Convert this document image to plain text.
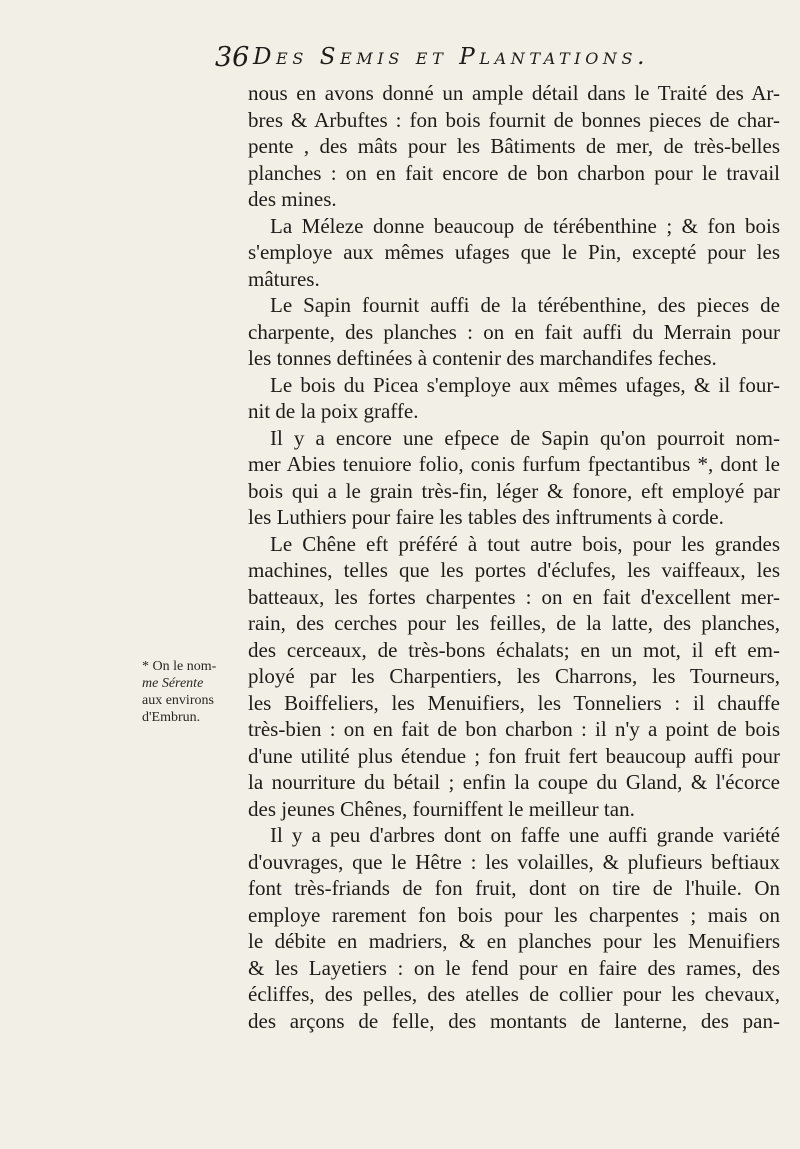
36 Des Semis et Plantations.
* On le nom-
me Sérente
aux environs
d'Embrun.
nous en avons donné un ample détail dans le Traité des Ar-
bres & Arbuftes : fon bois fournit de bonnes pieces de char-
pente , des mâts pour les Bâtiments de mer, de très-belles
planches : on en fait encore de bon charbon pour le travail
des mines.
La Méleze donne beaucoup de térébenthine ; & fon bois
s'employe aux mêmes ufages que le Pin, excepté pour les
mâtures.
Le Sapin fournit auffi de la térébenthine, des pieces de
charpente, des planches : on en fait auffi du Merrain pour
les tonnes deftinées à contenir des marchandifes feches.
Le bois du Picea s'employe aux mêmes ufages, & il four-
nit de la poix graffe.
Il y a encore une efpece de Sapin qu'on pourroit nom-
mer Abies tenuiore folio, conis furfum fpectantibus *, dont le
bois qui a le grain très-fin, léger & fonore, eft employé par
les Luthiers pour faire les tables des inftruments à corde.
Le Chêne eft préféré à tout autre bois, pour les grandes
machines, telles que les portes d'éclufes, les vaiffeaux, les
batteaux, les fortes charpentes : on en fait d'excellent mer-
rain, des cerches pour les feilles, de la latte, des planches,
des cerceaux, de très-bons échalats; en un mot, il eft em-
ployé par les Charpentiers, les Charrons, les Tourneurs,
les Boiffeliers, les Menuifiers, les Tonneliers : il chauffe
très-bien : on en fait de bon charbon : il n'y a point de bois
d'une utilité plus étendue ; fon fruit fert beaucoup auffi pour
la nourriture du bétail ; enfin la coupe du Gland, & l'écorce
des jeunes Chênes, fourniffent le meilleur tan.
Il y a peu d'arbres dont on faffe une auffi grande variété
d'ouvrages, que le Hêtre : les volailles, & plufieurs beftiaux
font très-friands de fon fruit, dont on tire de l'huile. On
employe rarement fon bois pour les charpentes ; mais on
le débite en madriers, & en planches pour les Menuifiers
& les Layetiers : on le fend pour en faire des rames, des
écliffes, des pelles, des atelles de collier pour les chevaux,
des arçons de felle, des montants de lanterne, des pan-
